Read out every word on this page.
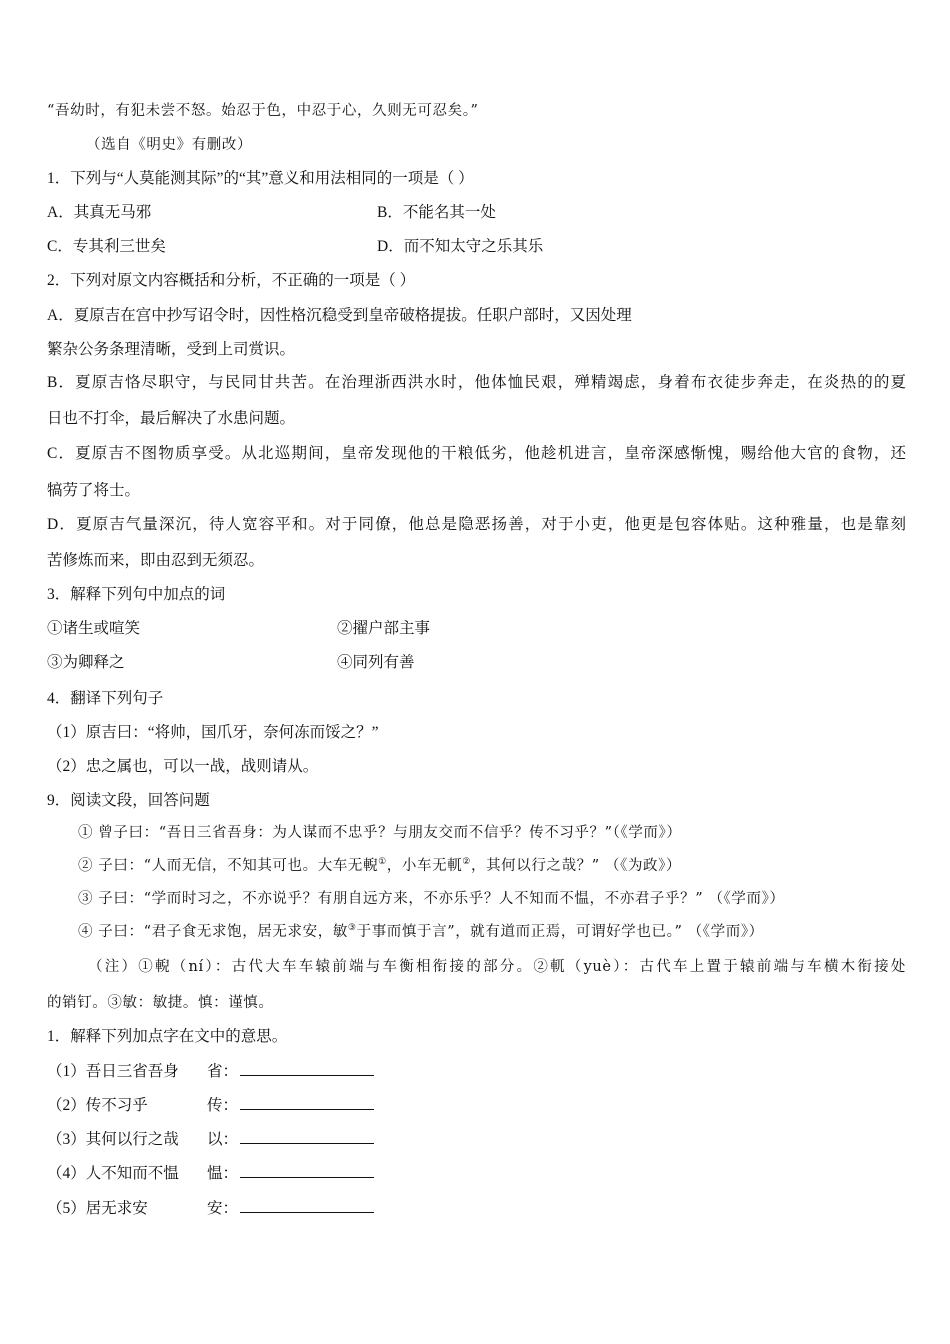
“吾幼时，有犯未尝不怒。始忍于色，中忍于心，久则无可忍矣。”
（选自《明史》有删改）
1．下列与“人莫能测其际”的“其”意义和用法相同的一项是（ ）
A．其真无马邪	B．不能名其一处
C．专其利三世矣	D．而不知太守之乐其乐
2．下列对原文内容概括和分析，不正确的一项是（ ）
A．夏原吉在宫中抄写诏令时，因性格沉稳受到皇帝破格提拔。任职户部时，又因处理
繁杂公务条理清晰，受到上司赏识。
B．夏原吉恪尽职守，与民同甘共苦。在治理浙西洪水时，他体恤民艰，殚精竭虑，身着布衣徒步奔走，在炎热的的夏
日也不打伞，最后解决了水患问题。
C．夏原吉不图物质享受。从北巡期间，皇帝发现他的干粮低劣，他趁机进言，皇帝深感惭愧，赐给他大官的食物，还
犒劳了将士。
D．夏原吉气量深沉，待人宽容平和。对于同僚，他总是隐恶扬善，对于小吏，他更是包容体贴。这种雅量，也是靠刻
苦修炼而来，即由忍到无须忍。
3．解释下列句中加点的词
①诸生或喧笑	②擢户部主事
③为卿释之	④同列有善
4．翻译下列句子
（1）原吉曰：“将帅，国爪牙，奈何冻而馁之？”
（2）忠之属也，可以一战，战则请从。
9．阅读文段，回答问题
① 曾子曰：“吾日三省吾身：为人谋而不忠乎？与朋友交而不信乎？传不习乎？”（《学而》）
② 子曰：“人而无信，不知其可也。大车无輗①，小车无軏②，其何以行之哉？” （《为政》）
③ 子曰：“学而时习之，不亦说乎？有朋自远方来，不亦乐乎？人不知而不愠，不亦君子乎？” （《学而》）
④ 子曰：“君子食无求饱，居无求安，敏③于事而慎于言”，就有道而正焉，可谓好学也已。” （《学而》）
（注）①輗（ní）：古代大车车辕前端与车衡相衔接的部分。②軏（yuè）：古代车上置于辕前端与车横木衔接处
的销钉。③敏：敏捷。慎：谨慎。
1．解释下列加点字在文中的意思。
（1）吾日三省吾身 省：
（2）传不习乎	传：
（3）其何以行之哉 以：
（4）人不知而不愠 愠：
（5）居无求安	安：
